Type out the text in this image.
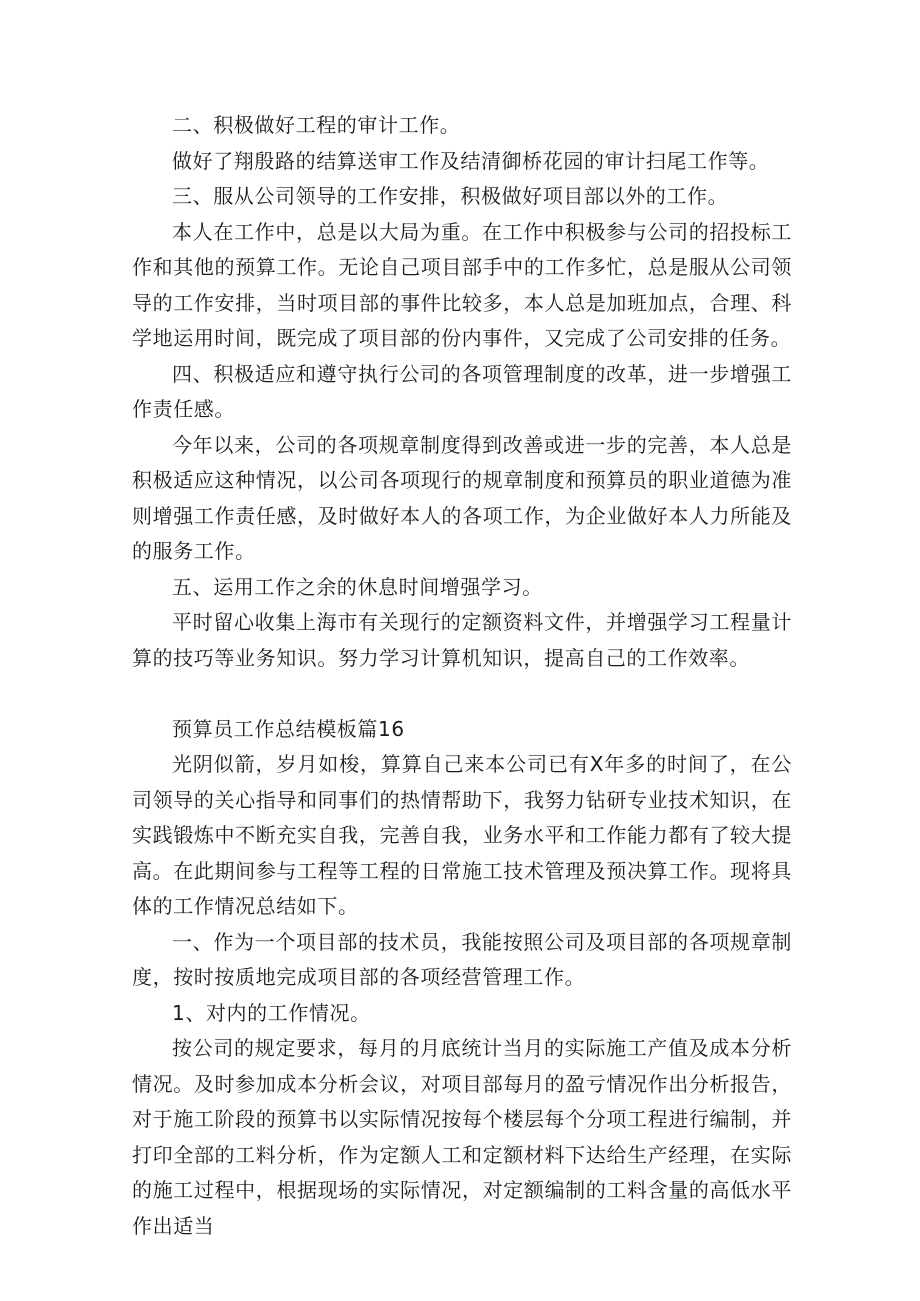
二、积极做好工程的审计工作。

做好了翔殷路的结算送审工作及结清御桥花园的审计扫尾工作等。

三、服从公司领导的工作安排，积极做好项目部以外的工作。

本人在工作中，总是以大局为重。在工作中积极参与公司的招投标工作和其他的预算工作。无论自己项目部手中的工作多忙，总是服从公司领导的工作安排，当时项目部的事件比较多，本人总是加班加点，合理、科学地运用时间，既完成了项目部的份内事件，又完成了公司安排的任务。

四、积极适应和遵守执行公司的各项管理制度的改革，进一步增强工作责任感。

今年以来，公司的各项规章制度得到改善或进一步的完善，本人总是积极适应这种情况，以公司各项现行的规章制度和预算员的职业道德为准则增强工作责任感，及时做好本人的各项工作，为企业做好本人力所能及的服务工作。

五、运用工作之余的休息时间增强学习。

平时留心收集上海市有关现行的定额资料文件，并增强学习工程量计算的技巧等业务知识。努力学习计算机知识，提高自己的工作效率。

预算员工作总结模板篇16

光阴似箭，岁月如梭，算算自己来本公司已有X年多的时间了，在公司领导的关心指导和同事们的热情帮助下，我努力钻研专业技术知识，在实践锻炼中不断充实自我，完善自我，业务水平和工作能力都有了较大提高。在此期间参与工程等工程的日常施工技术管理及预决算工作。现将具体的工作情况总结如下。

一、作为一个项目部的技术员，我能按照公司及项目部的各项规章制度，按时按质地完成项目部的各项经营管理工作。

1、对内的工作情况。

按公司的规定要求，每月的月底统计当月的实际施工产值及成本分析情况。及时参加成本分析会议，对项目部每月的盈亏情况作出分析报告，对于施工阶段的预算书以实际情况按每个楼层每个分项工程进行编制，并打印全部的工料分析，作为定额人工和定额材料下达给生产经理，在实际的施工过程中，根据现场的实际情况，对定额编制的工料含量的高低水平作出适当
